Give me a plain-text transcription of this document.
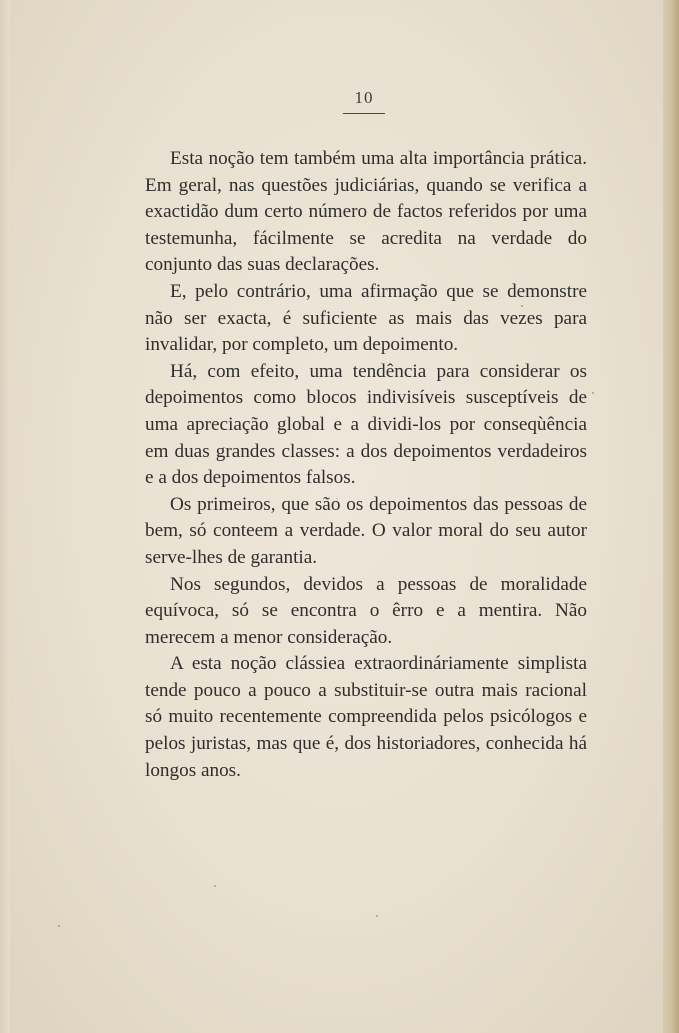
10

Esta noção tem também uma alta importância prática. Em geral, nas questões judiciárias, quando se verifica a exactidão dum certo número de factos referidos por uma testemunha, fácilmente se acredita na verdade do conjunto das suas declarações.

E, pelo contrário, uma afirmação que se demonstre não ser exacta, é suficiente as mais das vezes para invalidar, por completo, um depoimento.

Há, com efeito, uma tendência para considerar os depoimentos como blocos indivisíveis susceptíveis de uma apreciação global e a dividi-los por conseqùência em duas grandes classes: a dos depoimentos verdadeiros e a dos depoimentos falsos.

Os primeiros, que são os depoimentos das pessoas de bem, só conteem a verdade. O valor moral do seu autor serve-lhes de garantia.

Nos segundos, devidos a pessoas de moralidade equívoca, só se encontra o êrro e a mentira. Não merecem a menor consideração.

A esta noção clássiea extraordináriamente simplista tende pouco a pouco a substituir-se outra mais racional só muito recentemente compreendida pelos psicólogos e pelos juristas, mas que é, dos historiadores, conhecida há longos anos.
